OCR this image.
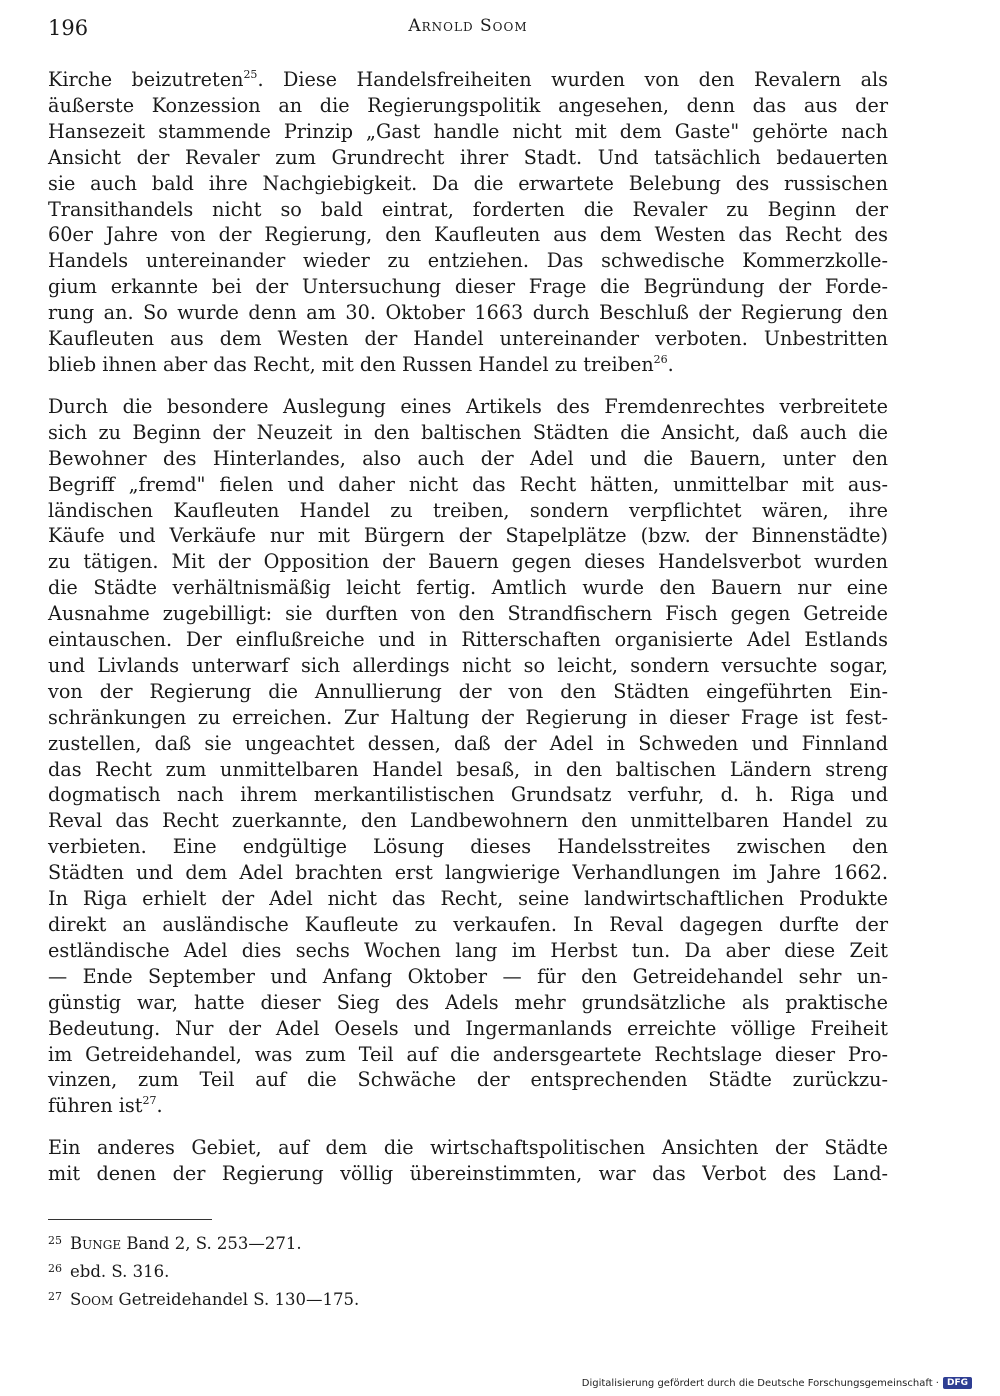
196	Arnold Soom
Kirche beizutreten$^{25}$. Diese Handelsfreiheiten wurden von den Revalern als
äußerste Konzession an die Regierungspolitik angesehen, denn das aus der
Hansezeit stammende Prinzip „Gast handle nicht mit dem Gaste" gehörte nach
Ansicht der Revaler zum Grundrecht ihrer Stadt. Und tatsächlich bedauerten
sie auch bald ihre Nachgiebigkeit. Da die erwartete Belebung des russischen
Transithandels nicht so bald eintrat, forderten die Revaler zu Beginn der
60er Jahre von der Regierung, den Kaufleuten aus dem Westen das Recht des
Handels untereinander wieder zu entziehen. Das schwedische Kommerzkolle-
gium erkannte bei der Untersuchung dieser Frage die Begründung der Forde-
rung an. So wurde denn am 30. Oktober 1663 durch Beschluß der Regierung den
Kaufleuten aus dem Westen der Handel untereinander verboten. Unbestritten
blieb ihnen aber das Recht, mit den Russen Handel zu treiben$^{26}$.
Durch die besondere Auslegung eines Artikels des Fremdenrechtes verbreitete
sich zu Beginn der Neuzeit in den baltischen Städten die Ansicht, daß auch die
Bewohner des Hinterlandes, also auch der Adel und die Bauern, unter den
Begriff „fremd" fielen und daher nicht das Recht hätten, unmittelbar mit aus-
ländischen Kaufleuten Handel zu treiben, sondern verpflichtet wären, ihre
Käufe und Verkäufe nur mit Bürgern der Stapelplätze (bzw. der Binnenstädte)
zu tätigen. Mit der Opposition der Bauern gegen dieses Handelsverbot wurden
die Städte verhältnismäßig leicht fertig. Amtlich wurde den Bauern nur eine
Ausnahme zugebilligt: sie durften von den Strandfischern Fisch gegen Getreide
eintauschen. Der einflußreiche und in Ritterschaften organisierte Adel Estlands
und Livlands unterwarf sich allerdings nicht so leicht, sondern versuchte sogar,
von der Regierung die Annullierung der von den Städten eingeführten Ein-
schränkungen zu erreichen. Zur Haltung der Regierung in dieser Frage ist fest-
zustellen, daß sie ungeachtet dessen, daß der Adel in Schweden und Finnland
das Recht zum unmittelbaren Handel besaß, in den baltischen Ländern streng
dogmatisch nach ihrem merkantilistischen Grundsatz verfuhr, d. h. Riga und
Reval das Recht zuerkannte, den Landbewohnern den unmittelbaren Handel zu
verbieten. Eine endgültige Lösung dieses Handelsstreites zwischen den
Städten und dem Adel brachten erst langwierige Verhandlungen im Jahre 1662.
In Riga erhielt der Adel nicht das Recht, seine landwirtschaftlichen Produkte
direkt an ausländische Kaufleute zu verkaufen. In Reval dagegen durfte der
estländische Adel dies sechs Wochen lang im Herbst tun. Da aber diese Zeit
— Ende September und Anfang Oktober — für den Getreidehandel sehr un-
günstig war, hatte dieser Sieg des Adels mehr grundsätzliche als praktische
Bedeutung. Nur der Adel Oesels und Ingermanlands erreichte völlige Freiheit
im Getreidehandel, was zum Teil auf die andersgeartete Rechtslage dieser Pro-
vinzen, zum Teil auf die Schwäche der entsprechenden Städte zurückzu-
führen ist$^{27}$.
Ein anderes Gebiet, auf dem die wirtschaftspolitischen Ansichten der Städte
mit denen der Regierung völlig übereinstimmten, war das Verbot des Land-
25 Bunge Band 2, S. 253—271.
26 ebd. S. 316.
27 Soom Getreidehandel S. 130—175.
Digitalisierung gefördert durch die Deutsche Forschungsgemeinschaft · DFG
